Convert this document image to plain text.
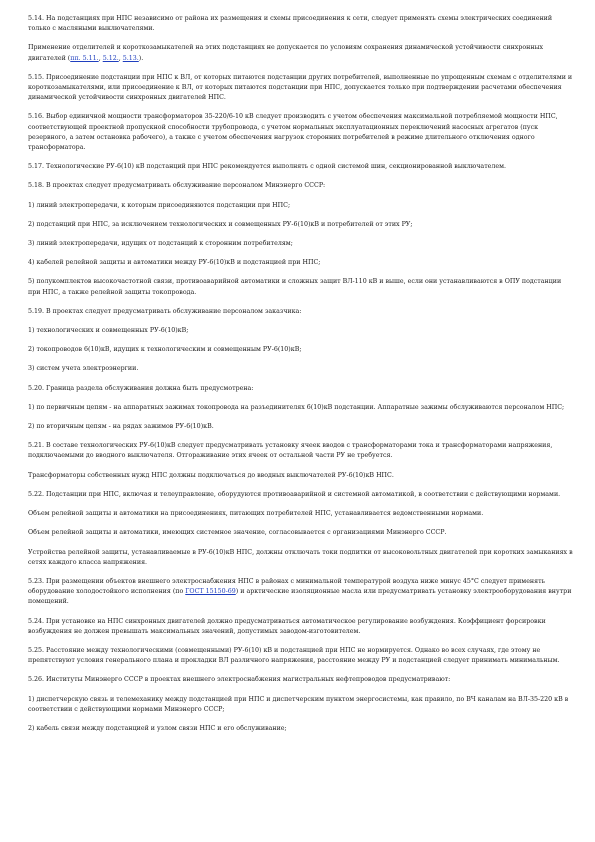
5.14. На подстанциях при НПС независимо от района их размещения и схемы присоединения к сети, следует применять схемы электрических соединений только с масляными выключателями.

Применение отделителей и короткозамыкателей на этих подстанциях не допускается по условиям сохранения динамической устойчивости синхронных двигателей (пп. 5.11., 5.12., 5.13.).

5.15. Присоединение подстанции при НПС к ВЛ, от которых питаются подстанции других потребителей, выполненные по упрощенным схемам с отделителями и короткозамыкателями, или присоединение к ВЛ, от которых питаются подстанции при НПС, допускается только при подтверждении расчетами обеспечения динамической устойчивости синхронных двигателей НПС.

5.16. Выбор единичной мощности трансформаторов 35-220/6-10 кВ следует производить с учетом обеспечения максимальной потребляемой мощности НПС, соответствующей проектной пропускной способности трубопровода, с учетом нормальных эксплуатационных переключений насосных агрегатов (пуск резервного, а затем остановка рабочего), а также с учетом обеспечения нагрузок сторонних потребителей в режиме длительного отключения одного трансформатора.

5.17. Технологические РУ-6(10) кВ подстанций при НПС рекомендуется выполнять с одной системой шин, секционированной выключателем.

5.18. В проектах следует предусматривать обслуживание персоналом Минэнерго СССР:

1) линий электропередачи, к которым присоединяются подстанции при НПС;

2) подстанций при НПС, за исключением технологических и совмещенных РУ-6(10)кВ и потребителей от этих РУ;

3) линий электропередачи, идущих от подстанций к сторонним потребителям;

4) кабелей релейной защиты и автоматики между РУ-6(10)кВ и подстанцией при НПС;

5) полукомплектов высокочастотной связи, противоаварийной автоматики и сложных защит ВЛ-110 кВ и выше, если они устанавливаются в ОПУ подстанции при НПС, а также релейной защиты токопровода.

5.19. В проектах следует предусматривать обслуживание персоналом заказчика:

1) технологических и совмещенных РУ-6(10)кВ;

2) токопроводов 6(10)кВ, идущих к технологическим и совмещенным РУ-6(10)кВ;

3) систем учета электроэнергии.

5.20. Граница раздела обслуживания должна быть предусмотрена:

1) по первичным цепям - на аппаратных зажимах токопровода на разъединителях 6(10)кВ подстанции. Аппаратные зажимы обслуживаются персоналом НПС;

2) по вторичным цепям - на рядах зажимов РУ-6(10)кВ.

5.21. В составе технологических РУ-6(10)кВ следует предусматривать установку ячеек вводов с трансформаторами тока и трансформаторами напряжения, подключаемыми до вводного выключателя. Отгораживание этих ячеек от остальной части РУ не требуется.

Трансформаторы собственных нужд НПС должны подключаться до вводных выключателей РУ-6(10)кВ НПС.

5.22. Подстанции при НПС, включая и телеуправление, оборудуются противоаварийной и системной автоматикой, в соответствии с действующими нормами.

Объем релейной защиты и автоматики на присоединениях, питающих потребителей НПС, устанавливается ведомственными нормами.

Объем релейной защиты и автоматики, имеющих системное значение, согласовывается с организациями Минэнерго СССР.

Устройства релейной защиты, устанавливаемые в РУ-6(10)кВ НПС, должны отключать токи подпитки от высоковольтных двигателей при коротких замыканиях в сетях каждого класса напряжения.

5.23. При размещении объектов внешнего электроснабжения НПС в районах с минимальной температурой воздуха ниже минус 45°С следует применять оборудование холодостойкого исполнения (по ГОСТ 15150-69) и арктические изоляционные масла или предусматривать установку электрооборудования внутри помещений.

5.24. При установке на НПС синхронных двигателей должно предусматриваться автоматическое регулирование возбуждения. Коэффициент форсировки возбуждения не должен превышать максимальных значений, допустимых заводом-изготовителем.

5.25. Расстояние между технологическими (совмещенными) РУ-6(10) кВ и подстанцией при НПС не нормируется. Однако во всех случаях, где этому не препятствуют условия генерального плана и прокладки ВЛ различного напряжения, расстояние между РУ и подстанцией следует принимать минимальным.

5.26. Институты Минэнерго СССР в проектах внешнего электроснабжения магистральных нефтепроводов предусматривают:

1) диспетчерскую связь и телемеханику между подстанцией при НПС и диспетчерским пунктом энергосистемы, как правило, по ВЧ каналам на ВЛ-35-220 кВ в соответствии с действующими нормами Минэнерго СССР;

2) кабель связи между подстанцией и узлом связи НПС и его обслуживание;
